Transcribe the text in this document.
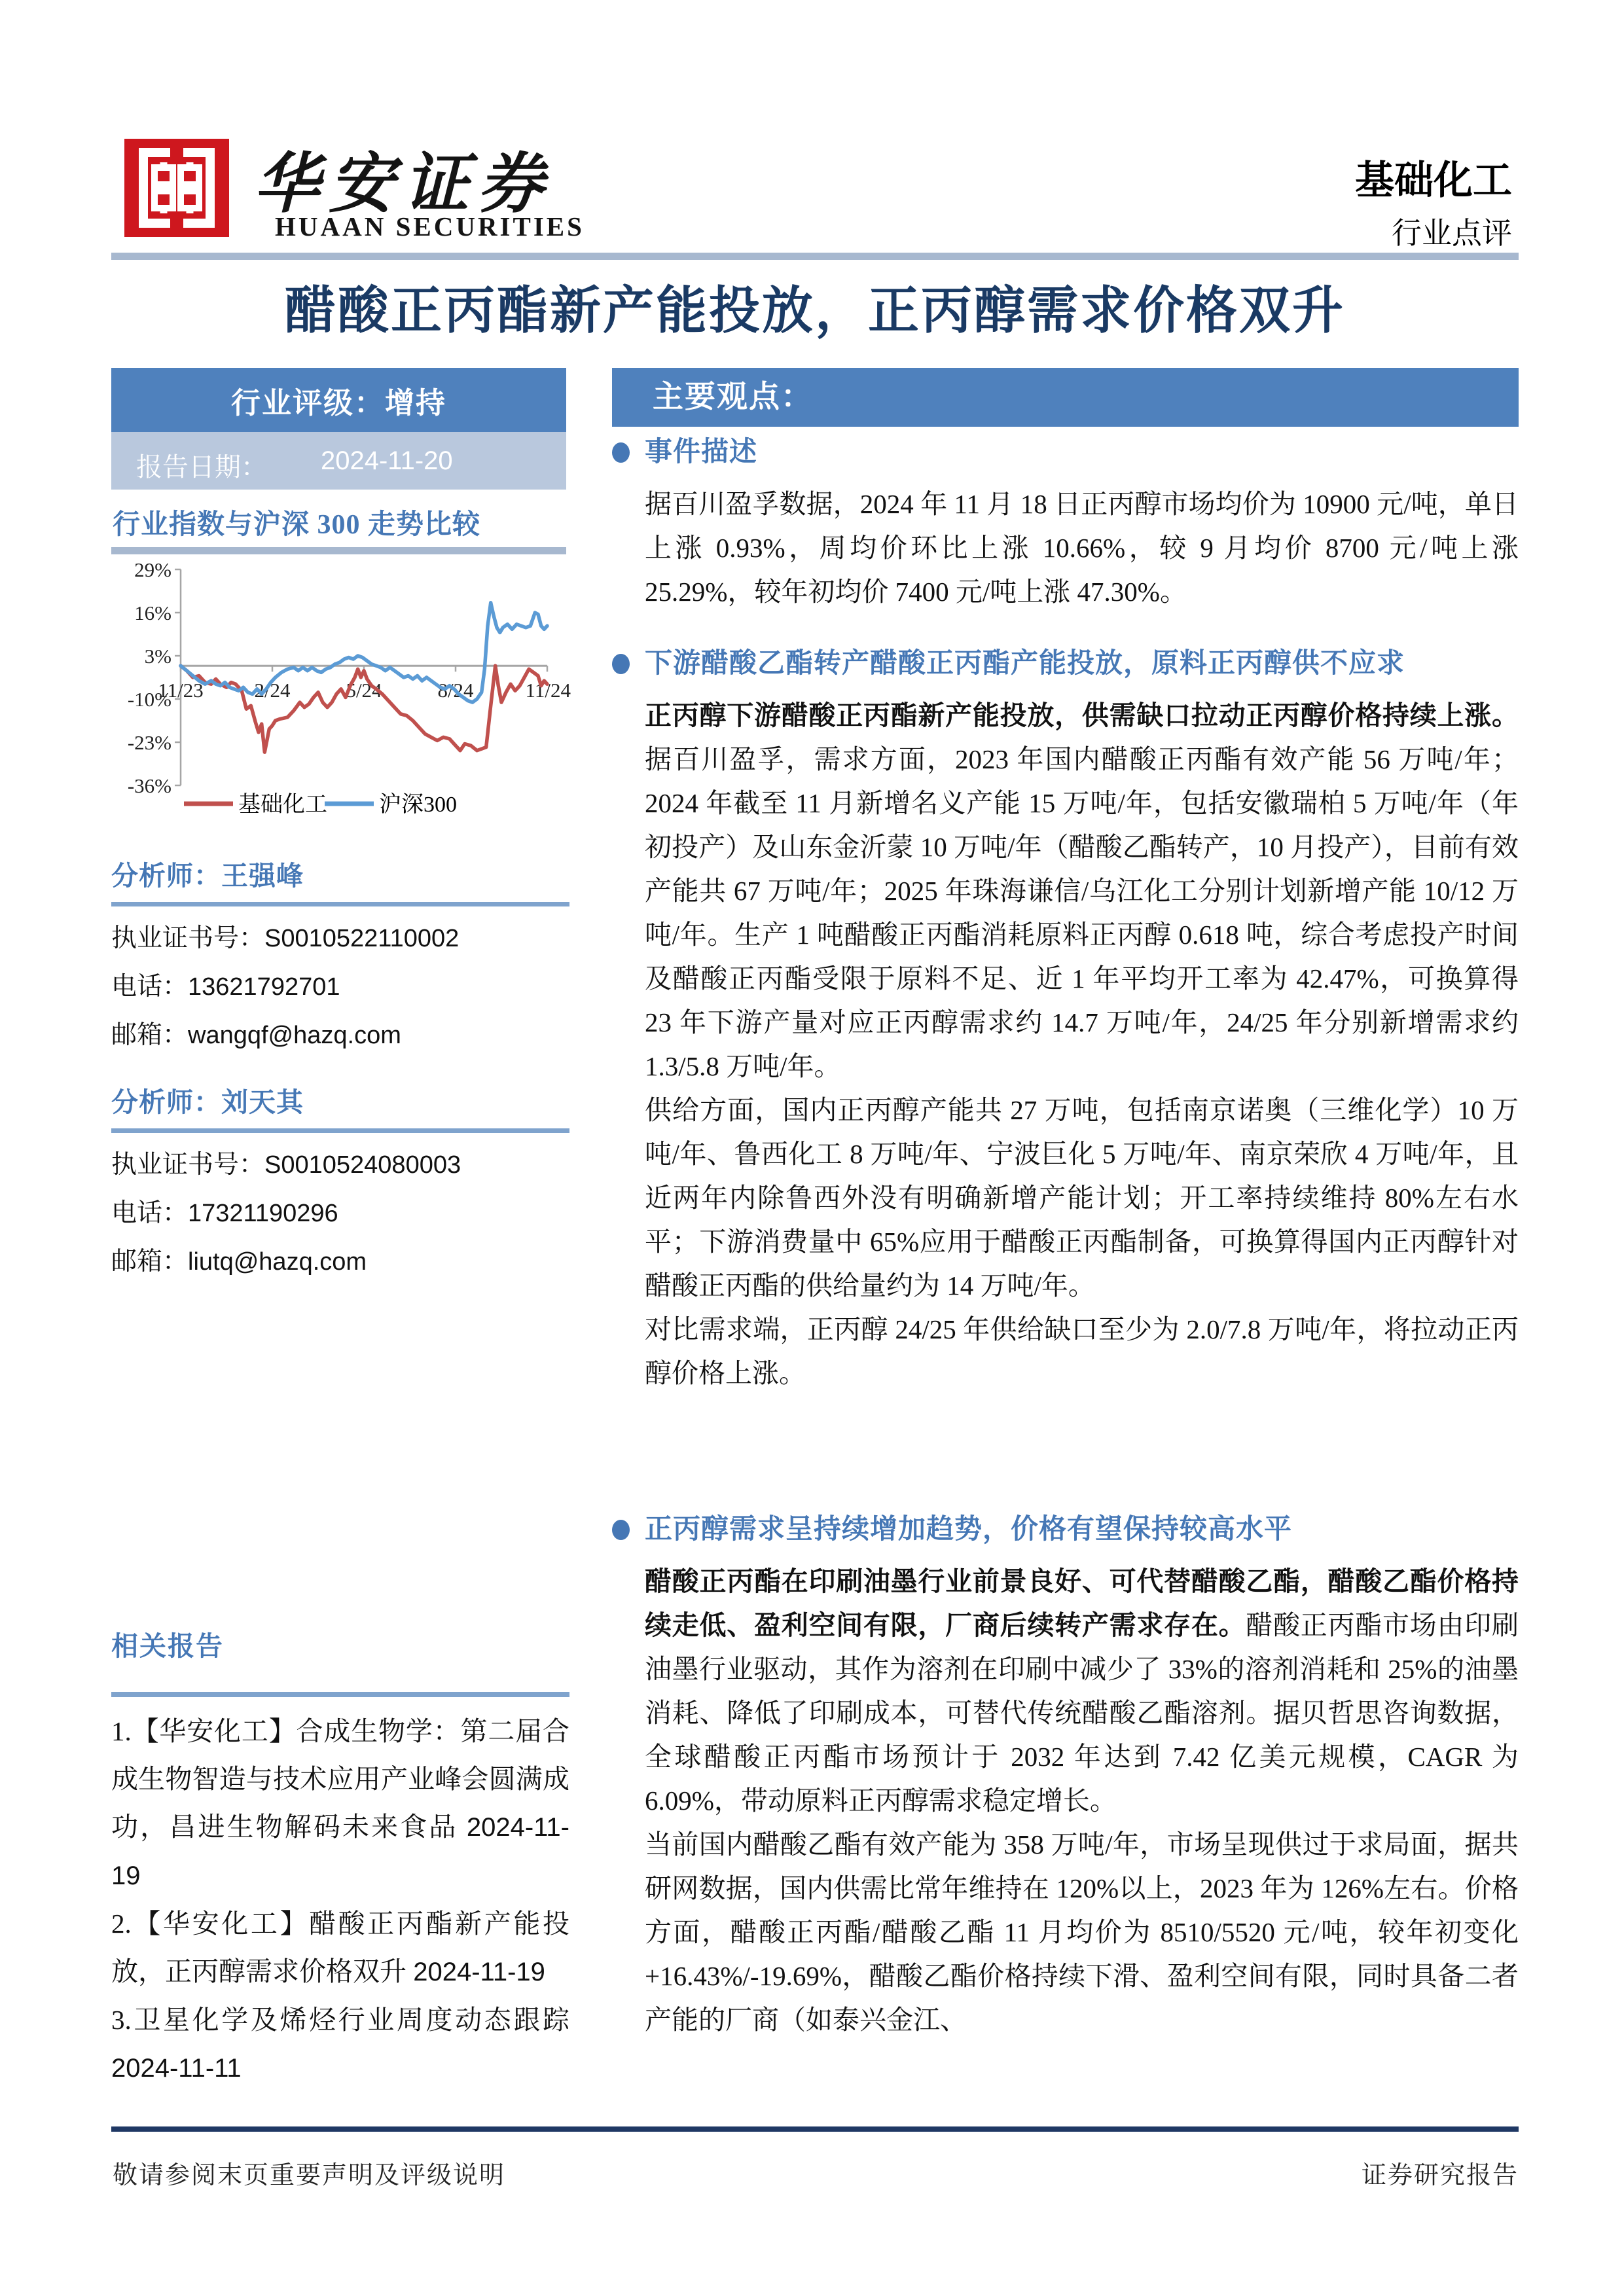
华安证券
HUAAN SECURITIES
基础化工
行业点评
醋酸正丙酯新产能投放，正丙醇需求价格双升
行业评级：增持
报告日期： 2024-11-20
行业指数与沪深 300 走势比较
29%
16%
3%
-10%
-23%
-36%
11/23	2/24	5/24	8/24	11/24
基础化工 沪深300
分析师：王强峰
执业证书号：S0010522110002
电话：13621792701
邮箱：wangqf@hazq.com
分析师：刘天其
执业证书号：S0010524080003
电话：17321190296
邮箱：liutq@hazq.com
相关报告
1.【华安化工】合成生物学：第二届合成生物智造与技术应用产业峰会圆满成功，昌进生物解码未来食品 2024-11-19
2.【华安化工】醋酸正丙酯新产能投放，正丙醇需求价格双升 2024-11-19
3.卫星化学及烯烃行业周度动态跟踪 2024-11-11
主要观点：
事件描述

据百川盈孚数据，2024 年 11 月 18 日正丙醇市场均价为 10900 元/吨，单日上涨 0.93%，周均价环比上涨 10.66%，较 9 月均价 8700 元/吨上涨 25.29%，较年初均价 7400 元/吨上涨 47.30%。

下游醋酸乙酯转产醋酸正丙酯产能投放，原料正丙醇供不应求

正丙醇下游醋酸正丙酯新产能投放，供需缺口拉动正丙醇价格持续上涨。据百川盈孚，需求方面，2023 年国内醋酸正丙酯有效产能 56 万吨/年；2024 年截至 11 月新增名义产能 15 万吨/年，包括安徽瑞柏 5 万吨/年（年初投产）及山东金沂蒙 10 万吨/年（醋酸乙酯转产，10 月投产），目前有效产能共 67 万吨/年；2025 年珠海谦信/乌江化工分别计划新增产能 10/12 万吨/年。生产 1 吨醋酸正丙酯消耗原料正丙醇 0.618 吨，综合考虑投产时间及醋酸正丙酯受限于原料不足、近 1 年平均开工率为 42.47%，可换算得 23 年下游产量对应正丙醇需求约 14.7 万吨/年，24/25 年分别新增需求约 1.3/5.8 万吨/年。

供给方面，国内正丙醇产能共 27 万吨，包括南京诺奥（三维化学）10 万吨/年、鲁西化工 8 万吨/年、宁波巨化 5 万吨/年、南京荣欣 4 万吨/年，且近两年内除鲁西外没有明确新增产能计划；开工率持续维持 80%左右水平；下游消费量中 65%应用于醋酸正丙酯制备，可换算得国内正丙醇针对醋酸正丙酯的供给量约为 14 万吨/年。

对比需求端，正丙醇 24/25 年供给缺口至少为 2.0/7.8 万吨/年，将拉动正丙醇价格上涨。

正丙醇需求呈持续增加趋势，价格有望保持较高水平

醋酸正丙酯在印刷油墨行业前景良好、可代替醋酸乙酯，醋酸乙酯价格持续走低、盈利空间有限，厂商后续转产需求存在。醋酸正丙酯市场由印刷油墨行业驱动，其作为溶剂在印刷中减少了 33%的溶剂消耗和 25%的油墨消耗、降低了印刷成本，可替代传统醋酸乙酯溶剂。据贝哲思咨询数据，全球醋酸正丙酯市场预计于 2032 年达到 7.42 亿美元规模，CAGR 为 6.09%，带动原料正丙醇需求稳定增长。

当前国内醋酸乙酯有效产能为 358 万吨/年，市场呈现供过于求局面，据共研网数据，国内供需比常年维持在 120%以上，2023 年为 126%左右。价格方面，醋酸正丙酯/醋酸乙酯 11 月均价为 8510/5520 元/吨，较年初变化+16.43%/-19.69%，醋酸乙酯价格持续下滑、盈利空间有限，同时具备二者产能的厂商（如泰兴金江、

敬请参阅末页重要声明及评级说明	证券研究报告
